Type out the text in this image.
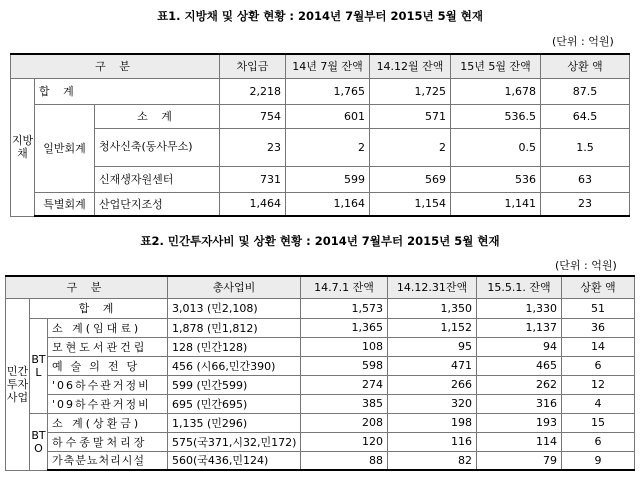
표1. 지방채 및 상환 현황 : 2014년 7월부터 2015년 5월 현재
(단위 : 억원)
구 분			차입금	14년 7월 잔액	14.12월 잔액	15년 5월 잔액	상환 액
지방채	합 계		2,218	1,765	1,725	1,678	87.5
	일반회계	소 계	754	601	571	536.5	64.5
		청사신축(동사무소)	23	2	2	0.5	1.5
		신재생자원센터	731	599	569	536	63
	특별회계	산업단지조성	1,464	1,164	1,154	1,141	23
표2. 민간투자사비 및 상환 현황 : 2014년 7월부터 2015년 5월 현재
(단위 : 억원)
구 분			총사업비	14.7.1 잔액	14.12.31잔액	15.5.1. 잔액	상환 액
민간투자사업	합 계		3,013 (민2,108)	1,573	1,350	1,330	51
	BTL	소 계(임대료)	1,878 (민1,812)	1,365	1,152	1,137	36
		모현도서관건립	128 (민간128)	108	95	94	14
		예술의전당	456 (시66,민간390)	598	471	465	6
		'06하수관거정비	599 (민간599)	274	266	262	12
		'09하수관거정비	695 (민간695)	385	320	316	4
	BTO	소 계(상환금)	1,135 (민296)	208	198	193	15
		하수종말처리장	575(국371,시32,민172)	120	116	114	6
		가축분뇨처리시설	560(국436,민124)	88	82	79	9
